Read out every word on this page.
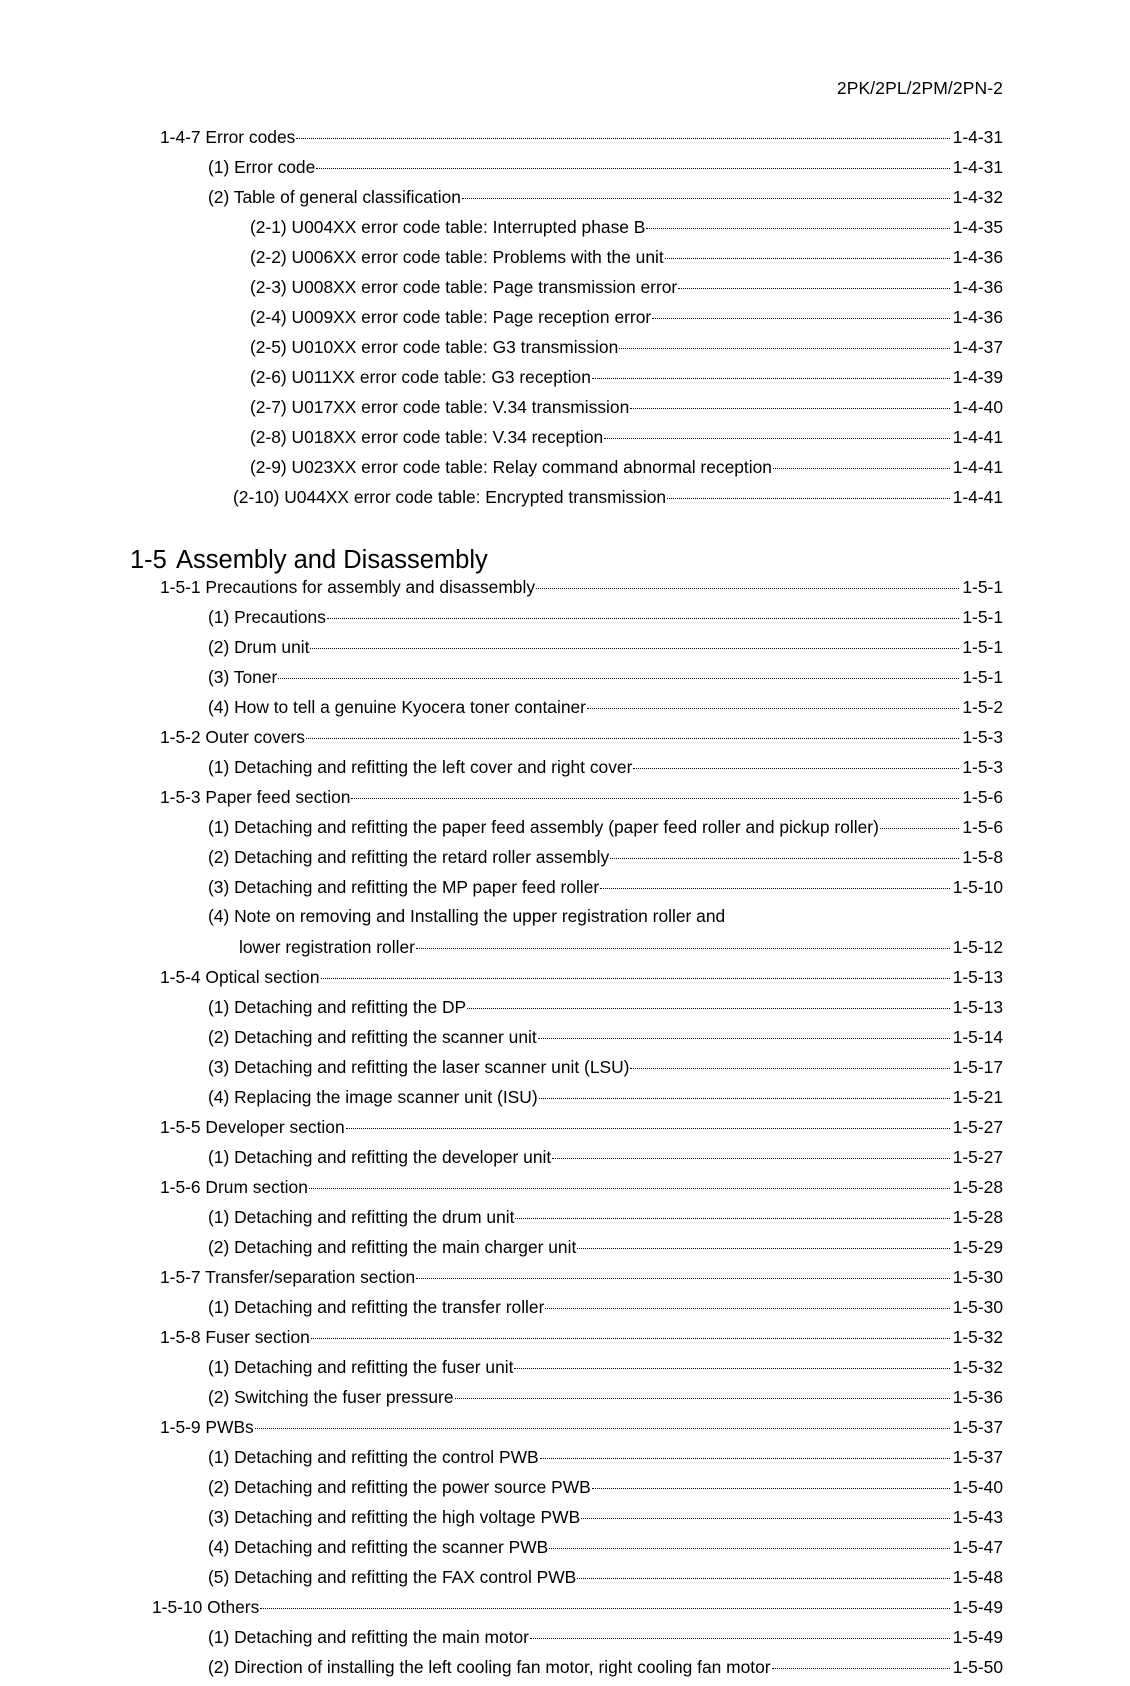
2PK/2PL/2PM/2PN-2
1-4-7 Error codes	1-4-31
(1) Error code	1-4-31
(2) Table of general classification	1-4-32
(2-1) U004XX error code table: Interrupted phase B	1-4-35
(2-2) U006XX error code table: Problems with the unit	1-4-36
(2-3) U008XX error code table: Page transmission error	1-4-36
(2-4) U009XX error code table: Page reception error	1-4-36
(2-5) U010XX error code table: G3 transmission	1-4-37
(2-6) U011XX error code table: G3 reception	1-4-39
(2-7) U017XX error code table: V.34 transmission	1-4-40
(2-8) U018XX error code table: V.34 reception	1-4-41
(2-9) U023XX error code table: Relay command abnormal reception	1-4-41
(2-10) U044XX error code table: Encrypted transmission	1-4-41
1-5 Assembly and Disassembly
1-5-1 Precautions for assembly and disassembly	1-5-1
(1) Precautions	1-5-1
(2) Drum unit	1-5-1
(3) Toner	1-5-1
(4) How to tell a genuine Kyocera toner container	1-5-2
1-5-2 Outer covers	1-5-3
(1) Detaching and refitting the left cover and right cover	1-5-3
1-5-3 Paper feed section	1-5-6
(1) Detaching and refitting the paper feed assembly (paper feed roller and pickup roller)	1-5-6
(2) Detaching and refitting the retard roller assembly	1-5-8
(3) Detaching and refitting the MP paper feed roller	1-5-10
(4) Note on removing and Installing the upper registration roller and
lower registration roller	1-5-12
1-5-4 Optical section	1-5-13
(1) Detaching and refitting the DP	1-5-13
(2) Detaching and refitting the scanner unit	1-5-14
(3) Detaching and refitting the laser scanner unit (LSU)	1-5-17
(4) Replacing the image scanner unit (ISU)	1-5-21
1-5-5 Developer section	1-5-27
(1) Detaching and refitting the developer unit	1-5-27
1-5-6 Drum section	1-5-28
(1) Detaching and refitting the drum unit	1-5-28
(2) Detaching and refitting the main charger unit	1-5-29
1-5-7 Transfer/separation section	1-5-30
(1) Detaching and refitting the transfer roller	1-5-30
1-5-8 Fuser section	1-5-32
(1) Detaching and refitting the fuser unit	1-5-32
(2) Switching the fuser pressure	1-5-36
1-5-9 PWBs	1-5-37
(1) Detaching and refitting the control PWB	1-5-37
(2) Detaching and refitting the power source PWB	1-5-40
(3) Detaching and refitting the high voltage PWB	1-5-43
(4) Detaching and refitting the scanner PWB	1-5-47
(5) Detaching and refitting the FAX control PWB	1-5-48
1-5-10 Others	1-5-49
(1) Detaching and refitting the main motor	1-5-49
(2) Direction of installing the left cooling fan motor, right cooling fan motor	1-5-50
